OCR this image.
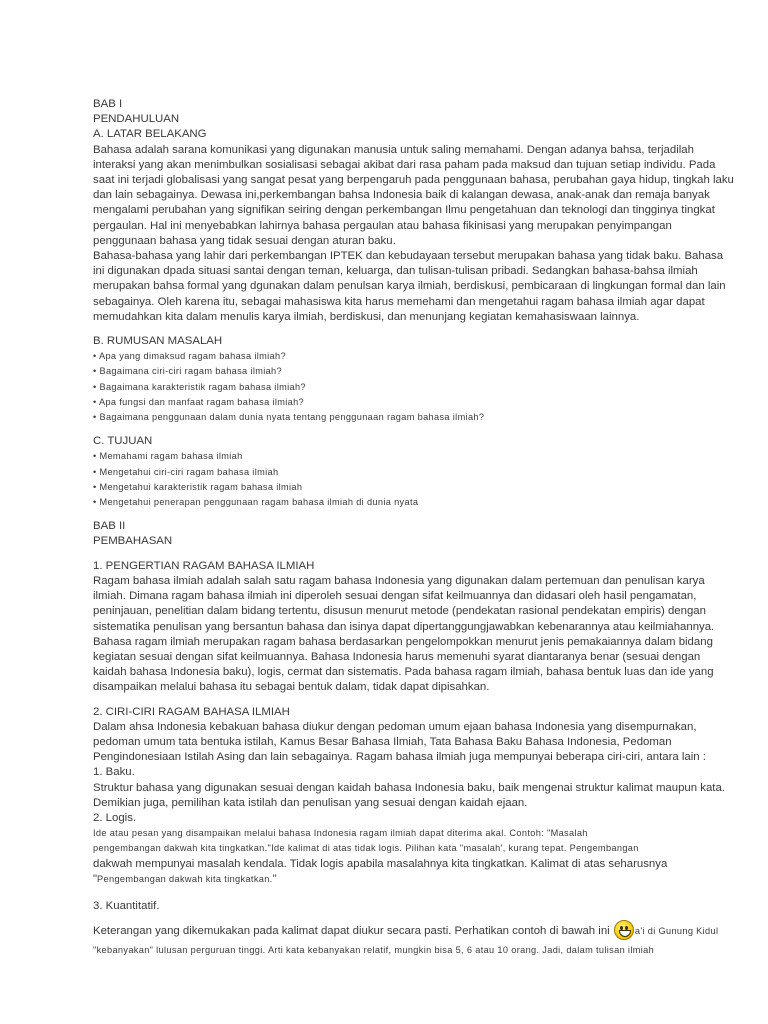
BAB I
PENDAHULUAN
A. LATAR BELAKANG
Bahasa adalah sarana komunikasi yang digunakan manusia untuk saling memahami. Dengan adanya bahsa, terjadilah
interaksi yang akan menimbulkan sosialisasi sebagai akibat dari rasa paham pada maksud dan tujuan setiap individu. Pada
saat ini terjadi globalisasi yang sangat pesat yang berpengaruh pada penggunaan bahasa, perubahan gaya hidup, tingkah laku
dan lain sebagainya. Dewasa ini,perkembangan bahsa Indonesia baik di kalangan dewasa, anak-anak dan remaja banyak
mengalami perubahan yang signifikan seiring dengan perkembangan Ilmu pengetahuan dan teknologi dan tingginya tingkat
pergaulan. Hal ini menyebabkan lahirnya bahasa pergaulan atau bahasa fikinisasi yang merupakan penyimpangan
penggunaan bahasa yang tidak sesuai dengan aturan baku.
Bahasa-bahasa yang lahir dari perkembangan IPTEK dan kebudayaan tersebut merupakan bahasa yang tidak baku. Bahasa
ini digunakan dpada situasi santai dengan teman, keluarga, dan tulisan-tulisan pribadi. Sedangkan bahasa-bahsa ilmiah
merupakan bahsa formal yang dgunakan dalam penulsan karya ilmiah, berdiskusi, pembicaraan di lingkungan formal dan lain
sebagainya. Oleh karena itu, sebagai mahasiswa kita harus memehami dan mengetahui ragam bahasa ilmiah agar dapat
memudahkan kita dalam menulis karya ilmiah, berdiskusi, dan menunjang kegiatan kemahasiswaan lainnya.
B. RUMUSAN MASALAH
• Apa yang dimaksud ragam bahasa ilmiah?
• Bagaimana ciri-ciri ragam bahasa ilmiah?
• Bagaimana karakteristik ragam bahasa ilmiah?
• Apa fungsi dan manfaat ragam bahasa ilmiah?
• Bagaimana penggunaan dalam dunia nyata tentang penggunaan ragam bahasa ilmiah?
C. TUJUAN
• Memahami ragam bahasa ilmiah
• Mengetahui ciri-ciri ragam bahasa ilmiah
• Mengetahui karakteristik ragam bahasa ilmiah
• Mengetahui penerapan penggunaan ragam bahasa ilmiah di dunia nyata
BAB II
PEMBAHASAN
1. PENGERTIAN RAGAM BAHASA ILMIAH
Ragam bahasa ilmiah adalah salah satu ragam bahasa Indonesia yang digunakan dalam pertemuan dan penulisan karya
ilmiah. Dimana ragam bahasa ilmiah ini diperoleh sesuai dengan sifat keilmuannya dan didasari oleh hasil pengamatan,
peninjauan, penelitian dalam bidang tertentu, disusun menurut metode (pendekatan rasional pendekatan empiris) dengan
sistematika penulisan yang bersantun bahasa dan isinya dapat dipertanggungjawabkan kebenarannya atau keilmiahannya.
Bahasa ragam ilmiah merupakan ragam bahasa berdasarkan pengelompokkan menurut jenis pemakaiannya dalam bidang
kegiatan sesuai dengan sifat keilmuannya. Bahasa Indonesia harus memenuhi syarat diantaranya benar (sesuai dengan
kaidah bahasa Indonesia baku), logis, cermat dan sistematis. Pada bahasa ragam ilmiah, bahasa bentuk luas dan ide yang
disampaikan melalui bahasa itu sebagai bentuk dalam, tidak dapat dipisahkan.
2. CIRI-CIRI RAGAM BAHASA ILMIAH
Dalam ahsa Indonesia kebakuan bahasa diukur dengan pedoman umum ejaan bahasa Indonesia yang disempurnakan,
pedoman umum tata bentuka istilah, Kamus Besar Bahasa Ilmiah, Tata Bahasa Baku Bahasa Indonesia, Pedoman
Pengindonesiaan Istilah Asing dan lain sebagainya. Ragam bahasa ilmiah juga mempunyai beberapa ciri-ciri, antara lain :
1. Baku.
Struktur bahasa yang digunakan sesuai dengan kaidah bahasa Indonesia baku, baik mengenai struktur kalimat maupun kata.
Demikian juga, pemilihan kata istilah dan penulisan yang sesuai dengan kaidah ejaan.
2. Logis.
Ide atau pesan yang disampaikan melalui bahasa Indonesia ragam ilmiah dapat diterima akal. Contoh: "Masalah
pengembangan dakwah kita tingkatkan."Ide kalimat di atas tidak logis. Pilihan kata "masalah', kurang tepat. Pengembangan
dakwah mempunyai masalah kendala. Tidak logis apabila masalahnya kita tingkatkan. Kalimat di atas seharusnya
"Pengembangan dakwah kita tingkatkan."
3. Kuantitatif.
Keterangan yang dikemukakan pada kalimat dapat diukur secara pasti. Perhatikan contoh di bawah ini
a'i di Gunung Kidul
"kebanyakan" lulusan perguruan tinggi. Arti kata kebanyakan relatif, mungkin bisa 5, 6 atau 10 orang. Jadi, dalam tulisan ilmiah
